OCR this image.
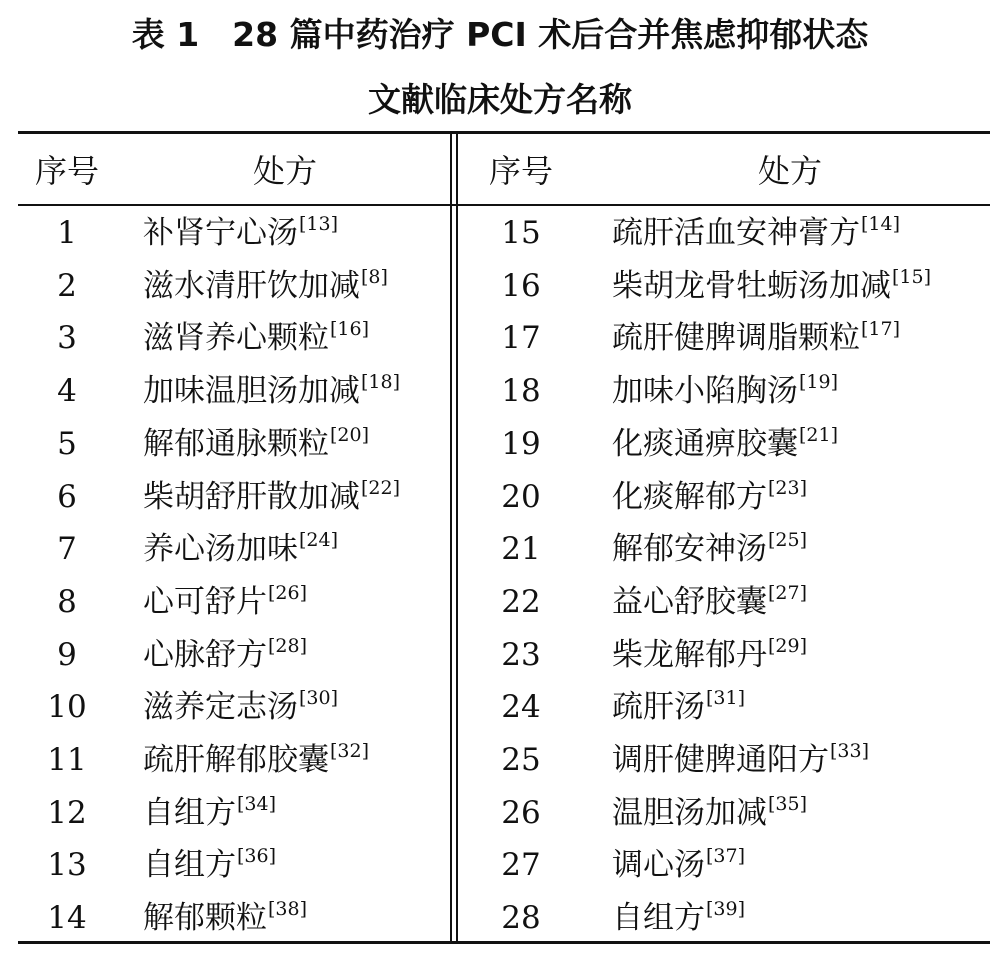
表 1　28 篇中药治疗 PCI 术后合并焦虑抑郁状态
文献临床处方名称
序号	处方	序号	处方
1	补肾宁心汤[13]
2	滋水清肝饮加减[8]
3	滋肾养心颗粒[16]
4	加味温胆汤加减[18]
5	解郁通脉颗粒[20]
6	柴胡舒肝散加减[22]
7	养心汤加味[24]
8	心可舒片[26]
9	心脉舒方[28]
10	滋养定志汤[30]
11	疏肝解郁胶囊[32]
12	自组方[34]
13	自组方[36]
14	解郁颗粒[38]
15	疏肝活血安神膏方[14]
16	柴胡龙骨牡蛎汤加减[15]
17	疏肝健脾调脂颗粒[17]
18	加味小陷胸汤[19]
19	化痰通痹胶囊[21]
20	化痰解郁方[23]
21	解郁安神汤[25]
22	益心舒胶囊[27]
23	柴龙解郁丹[29]
24	疏肝汤[31]
25	调肝健脾通阳方[33]
26	温胆汤加减[35]
27	调心汤[37]
28	自组方[39]
